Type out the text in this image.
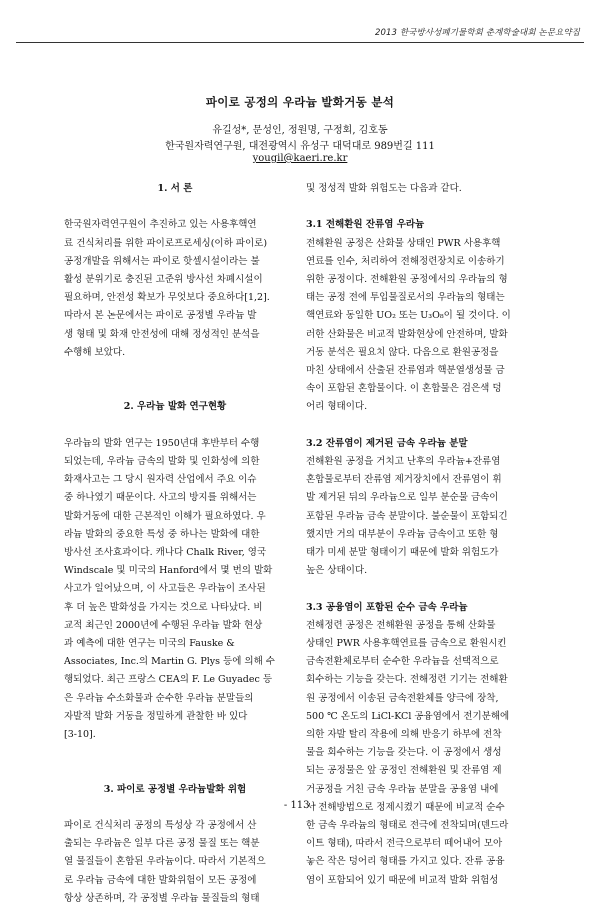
2013 한국방사성폐기물학회 춘계학술대회 논문요약집
파이로 공정의 우라늄 발화거동 분석
유길성*, 문성인, 정원명, 구정회, 김호동
한국원자력연구원, 대전광역시 유성구 대덕대로 989번길 111
yougil@kaeri.re.kr
1. 서 론
한국원자력연구원이 추진하고 있는 사용후핵연
료 건식처리를 위한 파이로프로세싱(이하 파이로)
공정개발을 위해서는 파이로 핫셀시설이라는 불
활성 분위기로 충진된 고준위 방사선 차폐시설이
필요하며, 안전성 확보가 무엇보다 중요하다[1,2].
따라서 본 논문에서는 파이로 공정별 우라늄 발
생 형태 및 화재 안전성에 대해 정성적인 분석을
수행해 보았다.
2. 우라늄 발화 연구현황
우라늄의 발화 연구는 1950년대 후반부터 수행
되었는데, 우라늄 금속의 발화 및 인화성에 의한
화재사고는 그 당시 원자력 산업에서 주요 이슈
중 하나였기 때문이다. 사고의 방지를 위해서는
발화거동에 대한 근본적인 이해가 필요하였다. 우
라늄 발화의 중요한 특성 중 하나는 발화에 대한
방사선 조사효과이다. 캐나다 Chalk River, 영국
Windscale 및 미국의 Hanford에서 몇 번의 발화
사고가 일어났으며, 이 사고들은 우라늄이 조사된
후 더 높은 발화성을 가지는 것으로 나타났다. 비
교적 최근인 2000년에 수행된 우라늄 발화 현상
과 예측에 대한 연구는 미국의 Fauske &
Associates, Inc.의 Martin G. Plys 등에 의해 수
행되었다. 최근 프랑스 CEA의 F. Le Guyadec 등
은 우라늄 수소화물과 순수한 우라늄 분말들의
자발적 발화 거동을 정밀하게 관찰한 바 있다
[3-10].
3. 파이로 공정별 우라늄발화 위험
파이로 건식처리 공정의 특성상 각 공정에서 산
출되는 우라늄은 일부 다른 공정 물질 또는 핵분
열 물질들이 혼합된 우라늄이다. 따라서 기본적으
로 우라늄 금속에 대한 발화위험이 모든 공정에
항상 상존하며, 각 공정별 우라늄 물질들의 형태
및 정성적 발화 위험도는 다음과 같다.
3.1 전해환원 잔류염 우라늄
전해환원 공정은 산화물 상태인 PWR 사용후핵
연료를 인수, 처리하여 전해정련장치로 이송하기
위한 공정이다. 전해환원 공정에서의 우라늄의 형
태는 공정 전에 투입물질로서의 우라늄의 형태는
핵연료와 동일한 UO₂ 또는 U₃O₈이 될 것이다. 이
러한 산화물은 비교적 발화현상에 안전하며, 발화
거동 분석은 필요치 않다. 다음으로 환원공정을
마친 상태에서 산출된 잔류염과 핵분열생성물 금
속이 포함된 혼합물이다. 이 혼합물은 검은색 덩
어리 형태이다.
3.2 잔류염이 제거된 금속 우라늄 분말
전해환원 공정을 거치고 난후의 우라늄+잔류염
혼합물로부터 잔류염 제거장치에서 잔류염이 휘
발 제거된 뒤의 우라늄으로 일부 분순물 금속이
포함된 우라늄 금속 분말이다. 불순물이 포함되긴
했지만 거의 대부분이 우라늄 금속이고 또한 형
태가 미세 분말 형태이기 때문에 발화 위험도가
높은 상태이다.
3.3 공융염이 포함된 순수 금속 우라늄
전해정련 공정은 전해환원 공정을 통해 산화물
상태인 PWR 사용후핵연료를 금속으로 환원시킨
금속전환체로부터 순수한 우라늄을 선택적으로
회수하는 기능을 갖는다. 전해정련 기기는 전해환
원 공정에서 이송된 금속전환체를 양극에 장착,
500 ℃ 온도의 LiCl-KCl 공융염에서 전기분해에
의한 자발 탈리 작용에 의해 반응기 하부에 전착
물을 회수하는 기능을 갖는다. 이 공정에서 생성
되는 공정물은 앞 공정인 전해환원 및 잔류염 제
거공정을 거친 금속 우라늄 분말을 공융염 내에
서 전해방법으로 정제시켰기 때문에 비교적 순수
한 금속 우라늄의 형태로 전극에 전착되며(덴드라
이트 형태), 따라서 전극으로부터 떼어내어 모아
놓은 작은 덩어리 형태를 가지고 있다. 잔류 공융
염이 포함되어 있기 때문에 비교적 발화 위험성
- 113 -
